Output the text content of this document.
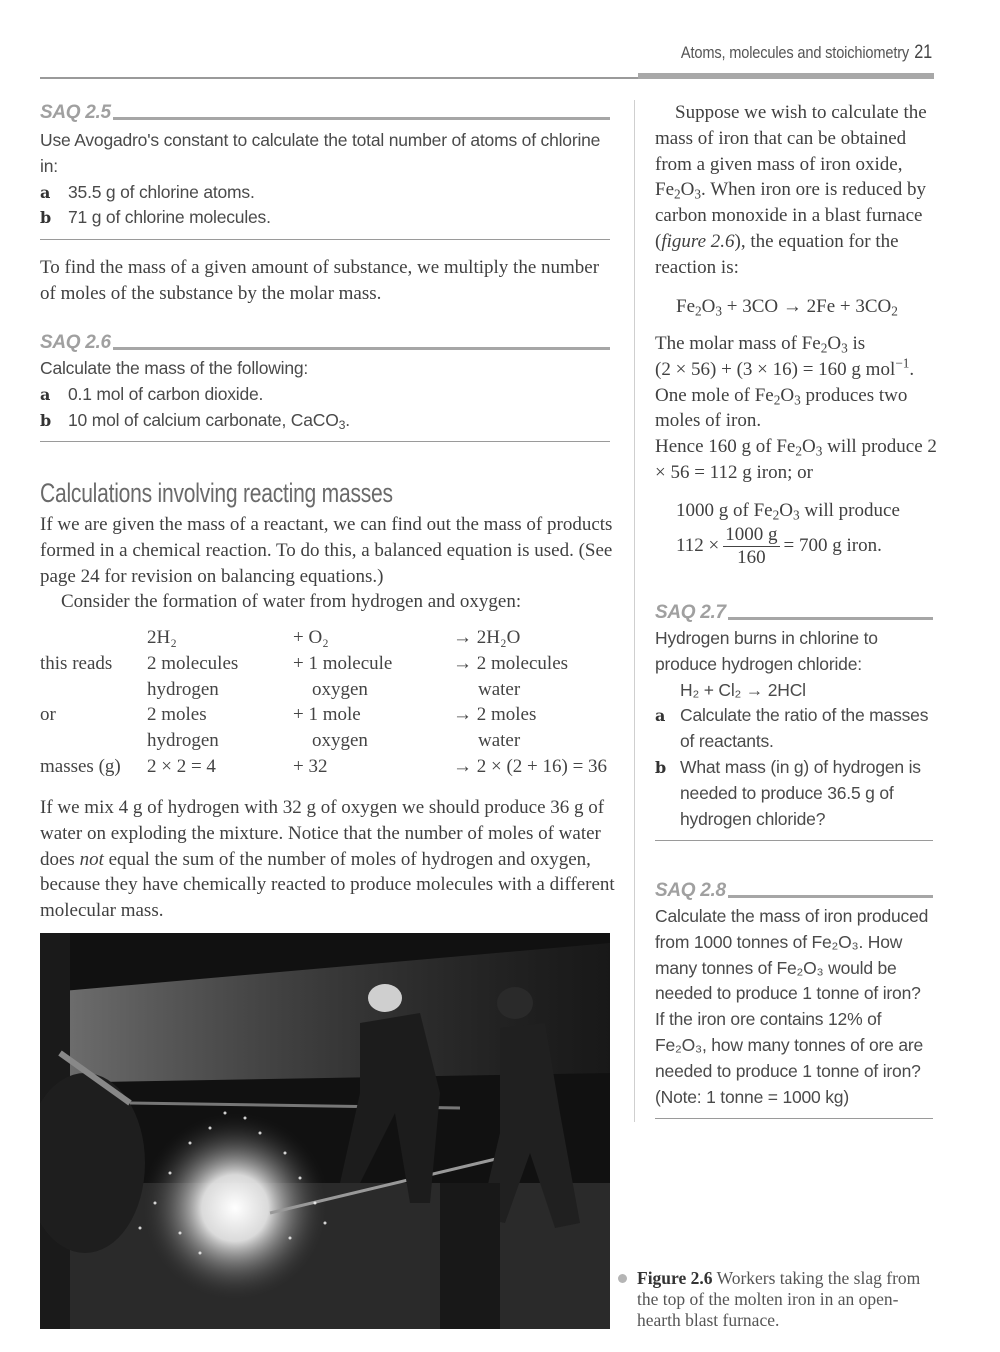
Atoms, molecules and stoichiometry 21
SAQ 2.5
Use Avogadro's constant to calculate the total number of atoms of chlorine in:
a	35.5 g of chlorine atoms.
b 71 g of chlorine molecules.
To find the mass of a given amount of substance, we multiply the number of moles of the substance by the molar mass.
SAQ 2.6
Calculate the mass of the following:
a	0.1 mol of carbon dioxide.
b 10 mol of calcium carbonate, CaCO$_3$.
Calculations involving reacting masses
If we are given the mass of a reactant, we can find out the mass of products formed in a chemical reaction. To do this, a balanced equation is used. (See page 24 for revision on balancing equations.)
Consider the formation of water from hydrogen and oxygen:
2H₂	+ O₂	→ 2H₂O
this reads 2 molecules	+ 1 molecule	→ 2 molecules
hydrogen	oxygen	water
or	2 moles	+ 1 mole	→ 2 moles
hydrogen	oxygen	water
masses (g) 2 × 2 = 4	+ 32	→ 2 × (2 + 16) = 36
If we mix 4 g of hydrogen with 32 g of oxygen we should produce 36 g of water on exploding the mixture. Notice that the number of moles of water does not equal the sum of the number of moles of hydrogen and oxygen, because they have chemically reacted to produce molecules with a different molecular mass.
Suppose we wish to calculate the mass of iron that can be obtained from a given mass of iron oxide, $Fe_2O_3$. When iron ore is reduced by carbon monoxide in a blast furnace (figure 2.6), the equation for the reaction is:
$Fe_2O_3 + 3CO \to 2Fe + 3CO_2$
The molar mass of $Fe_2O_3$ is
(2 × 56) + (3 × 16) = 160 g mol$^{-1}$.
One mole of $Fe_2O_3$ produces two moles of iron.
Hence 160 g of $Fe_2O_3$ will produce 2 × 56 = 112 g iron; or
1000 g of $Fe_2O_3$ will produce
$112 \times \frac{1000 g}{160} = 700$ g iron.
SAQ 2.7
Hydrogen burns in chlorine to produce hydrogen chloride:
H₂ + Cl₂ → 2HCl
a Calculate the ratio of the masses of reactants.
b What mass (in g) of hydrogen is needed to produce 36.5 g of hydrogen chloride?
SAQ 2.8
Calculate the mass of iron produced from 1000 tonnes of Fe₂O₃. How many tonnes of Fe₂O₃ would be needed to produce 1 tonne of iron? If the iron ore contains 12% of Fe₂O₃, how many tonnes of ore are needed to produce 1 tonne of iron? (Note: 1 tonne = 1000 kg)
Figure 2.6 Workers taking the slag from the top of the molten iron in an open-hearth blast furnace.
